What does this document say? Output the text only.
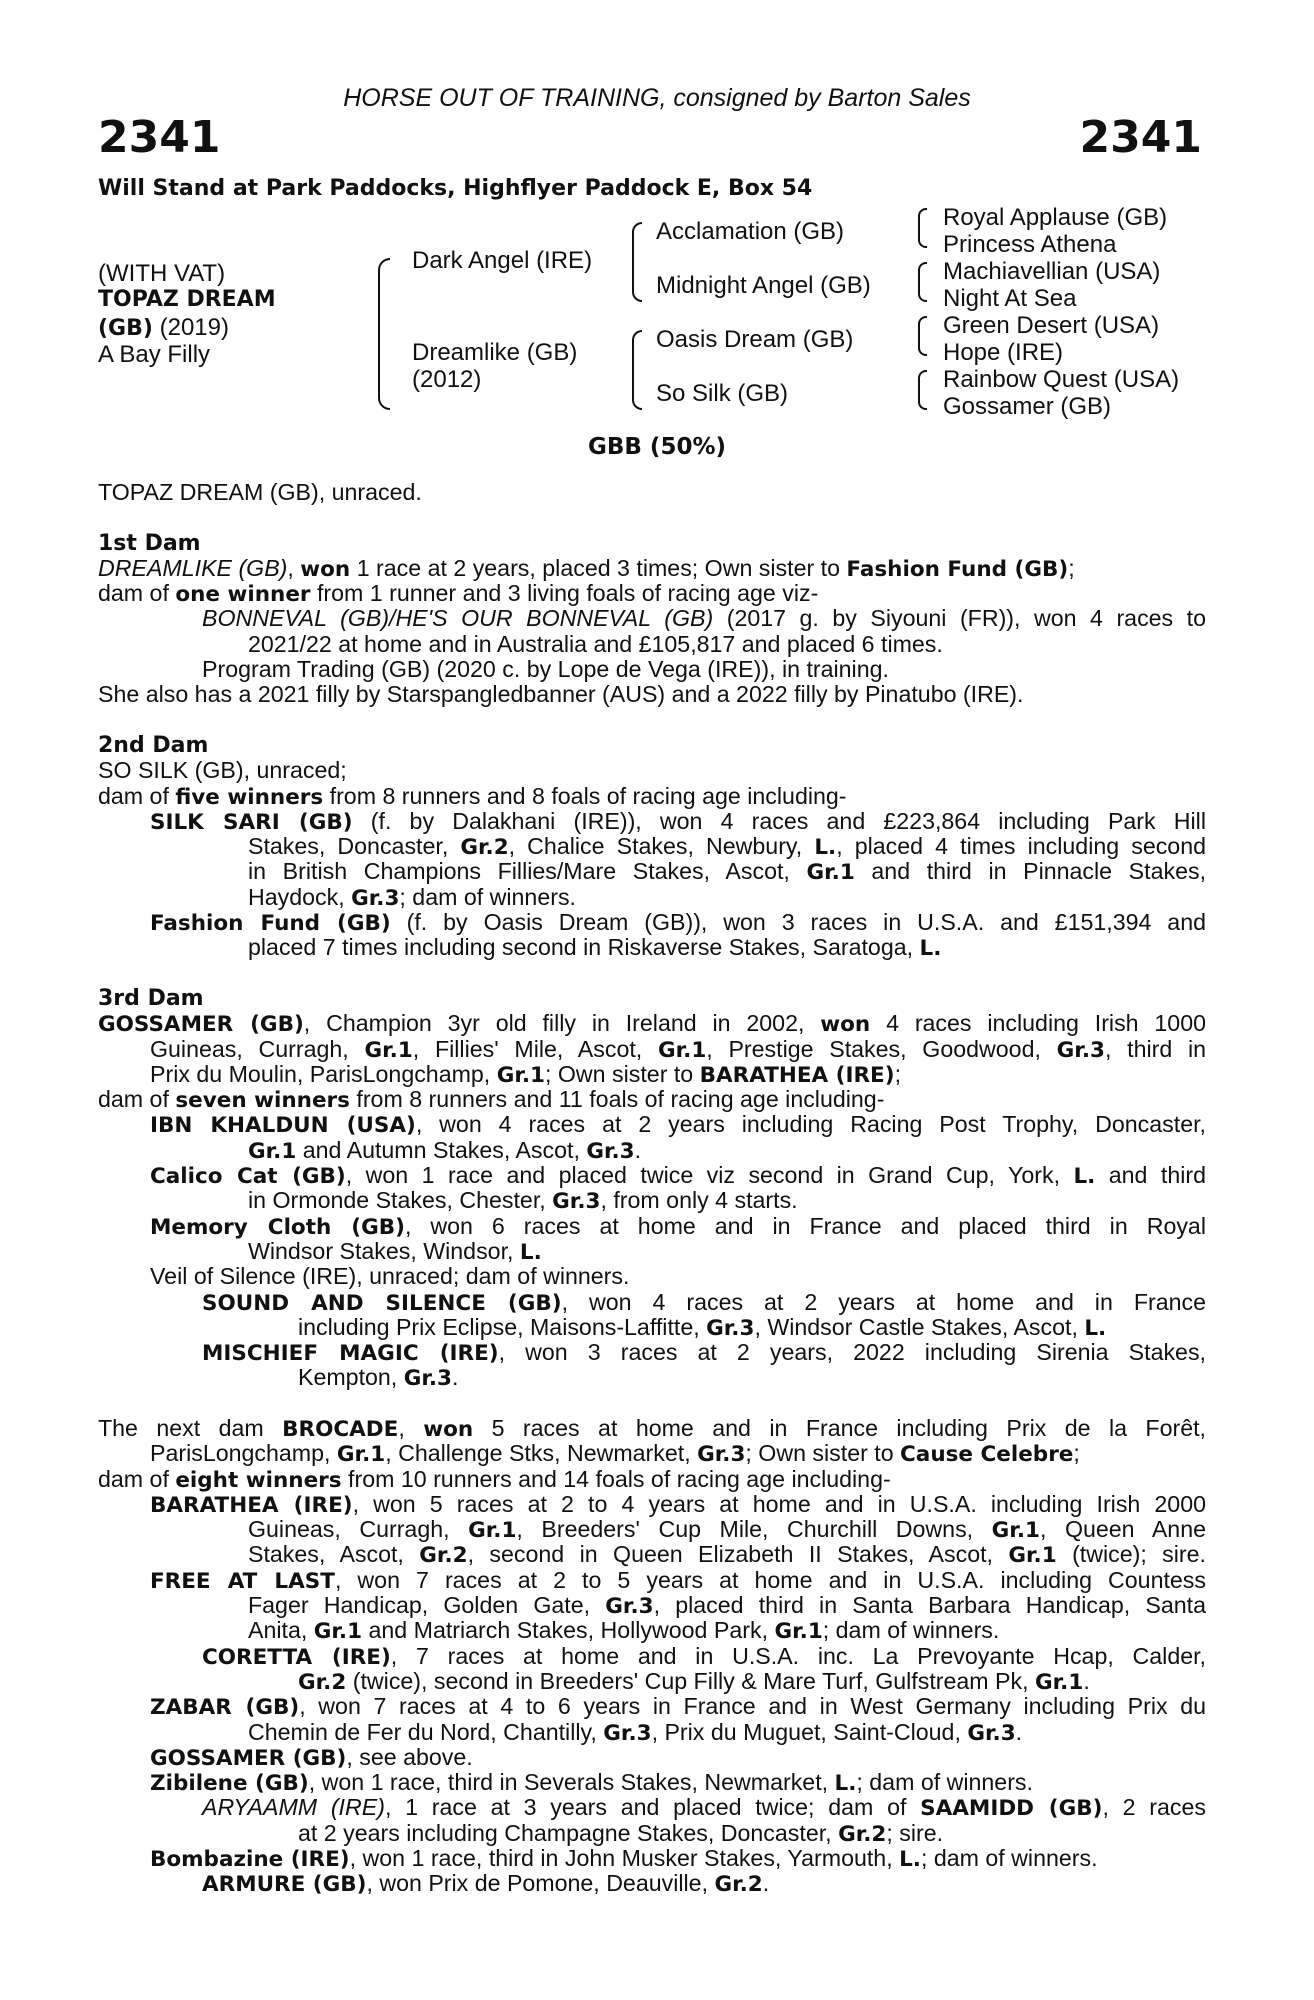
HORSE OUT OF TRAINING, consigned by Barton Sales
2341	2341
Will Stand at Park Paddocks, Highflyer Paddock E, Box 54
(WITH VAT)
TOPAZ DREAM
(GB) (2019)
A Bay Filly
Dark Angel (IRE)
Dreamlike (GB)
(2012)
Acclamation (GB)
Midnight Angel (GB)
Oasis Dream (GB)
So Silk (GB)
Royal Applause (GB)
Princess Athena
Machiavellian (USA)
Night At Sea
Green Desert (USA)
Hope (IRE)
Rainbow Quest (USA)
Gossamer (GB)
GBB (50%)
TOPAZ DREAM (GB), unraced.
1st Dam
DREAMLIKE (GB), won 1 race at 2 years, placed 3 times; Own sister to Fashion Fund (GB);
dam of one winner from 1 runner and 3 living foals of racing age viz-
BONNEVAL (GB)/HE'S OUR BONNEVAL (GB) (2017 g. by Siyouni (FR)), won 4 races to
2021/22 at home and in Australia and £105,817 and placed 6 times.
Program Trading (GB) (2020 c. by Lope de Vega (IRE)), in training.
She also has a 2021 filly by Starspangledbanner (AUS) and a 2022 filly by Pinatubo (IRE).
2nd Dam
SO SILK (GB), unraced;
dam of five winners from 8 runners and 8 foals of racing age including-
SILK SARI (GB) (f. by Dalakhani (IRE)), won 4 races and £223,864 including Park Hill
Stakes, Doncaster, Gr.2, Chalice Stakes, Newbury, L., placed 4 times including second
in British Champions Fillies/Mare Stakes, Ascot, Gr.1 and third in Pinnacle Stakes,
Haydock, Gr.3; dam of winners.
Fashion Fund (GB) (f. by Oasis Dream (GB)), won 3 races in U.S.A. and £151,394 and
placed 7 times including second in Riskaverse Stakes, Saratoga, L.
3rd Dam
GOSSAMER (GB), Champion 3yr old filly in Ireland in 2002, won 4 races including Irish 1000
Guineas, Curragh, Gr.1, Fillies' Mile, Ascot, Gr.1, Prestige Stakes, Goodwood, Gr.3, third in
Prix du Moulin, ParisLongchamp, Gr.1; Own sister to BARATHEA (IRE);
dam of seven winners from 8 runners and 11 foals of racing age including-
IBN KHALDUN (USA), won 4 races at 2 years including Racing Post Trophy, Doncaster,
Gr.1 and Autumn Stakes, Ascot, Gr.3.
Calico Cat (GB), won 1 race and placed twice viz second in Grand Cup, York, L. and third
in Ormonde Stakes, Chester, Gr.3, from only 4 starts.
Memory Cloth (GB), won 6 races at home and in France and placed third in Royal
Windsor Stakes, Windsor, L.
Veil of Silence (IRE), unraced; dam of winners.
SOUND AND SILENCE (GB), won 4 races at 2 years at home and in France
including Prix Eclipse, Maisons-Laffitte, Gr.3, Windsor Castle Stakes, Ascot, L.
MISCHIEF MAGIC (IRE), won 3 races at 2 years, 2022 including Sirenia Stakes,
Kempton, Gr.3.
The next dam BROCADE, won 5 races at home and in France including Prix de la Forêt,
ParisLongchamp, Gr.1, Challenge Stks, Newmarket, Gr.3; Own sister to Cause Celebre;
dam of eight winners from 10 runners and 14 foals of racing age including-
BARATHEA (IRE), won 5 races at 2 to 4 years at home and in U.S.A. including Irish 2000
Guineas, Curragh, Gr.1, Breeders' Cup Mile, Churchill Downs, Gr.1, Queen Anne
Stakes, Ascot, Gr.2, second in Queen Elizabeth II Stakes, Ascot, Gr.1 (twice); sire.
FREE AT LAST, won 7 races at 2 to 5 years at home and in U.S.A. including Countess
Fager Handicap, Golden Gate, Gr.3, placed third in Santa Barbara Handicap, Santa
Anita, Gr.1 and Matriarch Stakes, Hollywood Park, Gr.1; dam of winners.
CORETTA (IRE), 7 races at home and in U.S.A. inc. La Prevoyante Hcap, Calder,
Gr.2 (twice), second in Breeders' Cup Filly & Mare Turf, Gulfstream Pk, Gr.1.
ZABAR (GB), won 7 races at 4 to 6 years in France and in West Germany including Prix du
Chemin de Fer du Nord, Chantilly, Gr.3, Prix du Muguet, Saint-Cloud, Gr.3.
GOSSAMER (GB), see above.
Zibilene (GB), won 1 race, third in Severals Stakes, Newmarket, L.; dam of winners.
ARYAAMM (IRE), 1 race at 3 years and placed twice; dam of SAAMIDD (GB), 2 races
at 2 years including Champagne Stakes, Doncaster, Gr.2; sire.
Bombazine (IRE), won 1 race, third in John Musker Stakes, Yarmouth, L.; dam of winners.
ARMURE (GB), won Prix de Pomone, Deauville, Gr.2.
